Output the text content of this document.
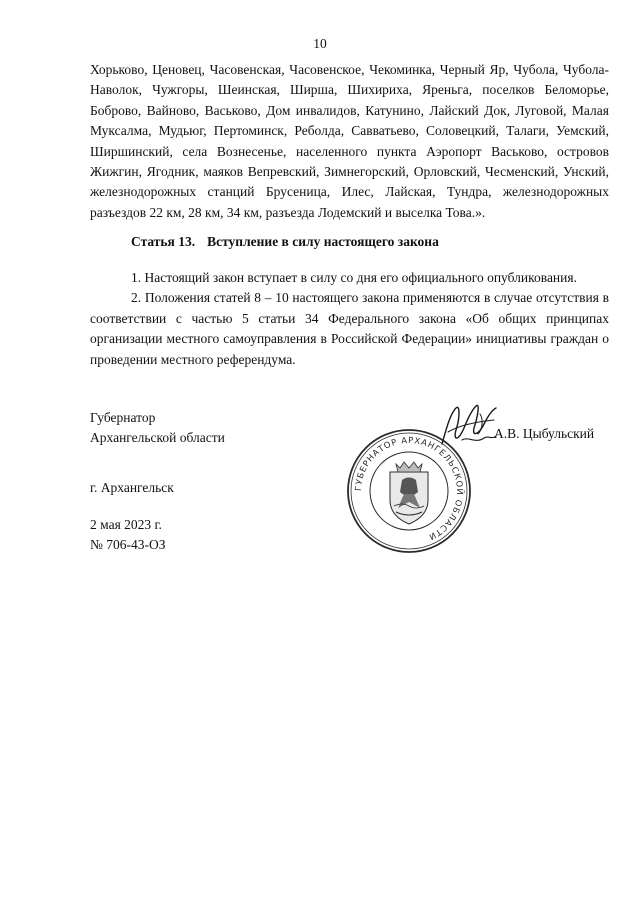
10

Хорьково, Ценовец, Часовенская, Часовенское, Чекоминка, Черный Яр, Чубола, Чубола-Наволок, Чужгоры, Шеинская, Ширша, Шихириха, Яреньга, поселков Беломорье, Боброво, Вайново, Васьково, Дом инвалидов, Катунино, Лайский Док, Луговой, Малая Муксалма, Мудьюг, Пертоминск, Реболда, Савватьево, Соловецкий, Талаги, Уемский, Ширшинский, села Вознесенье, населенного пункта Аэропорт Васьково, островов Жижгин, Ягодник, маяков Вепревский, Зимнегорский, Орловский, Чесменский, Унский, железнодорожных станций Брусеница, Илес, Лайская, Тундра, железнодорожных разъездов 22 км, 28 км, 34 км, разъезда Лодемский и выселка Това.».

Статья 13. Вступление в силу настоящего закона

1. Настоящий закон вступает в силу со дня его официального опубликования.

2. Положения статей 8 – 10 настоящего закона применяются в случае отсутствия в соответствии с частью 5 статьи 34 Федерального закона «Об общих принципах организации местного самоуправления в Российской Федерации» инициативы граждан о проведении местного референдума.

Губернатор
Архангельской области
ГУБЕРНАТОР АРХАНГЕЛЬСКОЙ ОБЛАСТИ
А.В. Цыбульский
г. Архангельск
2 мая 2023 г.
№ 706-43-ОЗ
